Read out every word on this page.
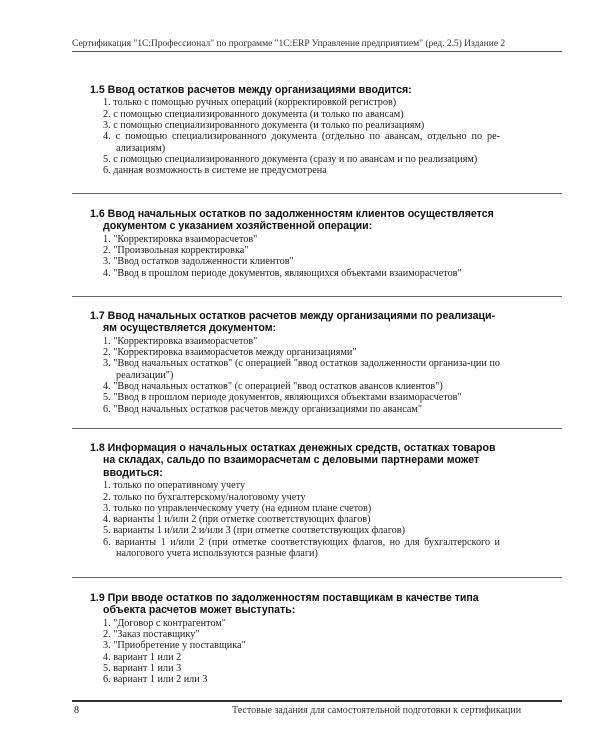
Сертификация "1С:Профессионал" по программе "1С:ERP Управление предприятием" (ред. 2.5) Издание 2

1.5 Ввод остатков расчетов между организациями вводится:

1. только с помощью ручных операций (корректировкой регистров)
2. с помощью специализированного документа (и только по авансам)
3. с помощью специализированного документа (и только по реализациям)
4. с помощью специализированного документа (отдельно по авансам, отдельно по ре-ализациям)
5. с помощью специализированного документа (сразу и по авансам и по реализациям)
6. данная возможность в системе не предусмотрена

1.6 Ввод начальных остатков по задолженностям клиентов осуществляется
документом с указанием хозяйственной операции:

1. "Корректировка взаиморасчетов"
2. "Произвольная корректировка"
3. "Ввод остатков задолженности клиентов"
4. "Ввод в прошлом периоде документов, являющихся объектами взаиморасчетов"

1.7 Ввод начальных остатков расчетов между организациями по реализаци-
ям осуществляется документом:

1. "Корректировка взаиморасчетов"
2. "Корректировка взаиморасчетов между организациями"
3. "Ввод начальных остатков" (с операцией "ввод остатков задолженности организа-ции по реализации")
4. "Ввод начальных остатков" (с операцией "ввод остатков авансов клиентов")
5. "Ввод в прошлом периоде документов, являющихся объектами взаиморасчетов"
6. "Ввод начальных остатков расчетов между организациями по авансам"

1.8 Информация о начальных остатках денежных средств, остатках товаров
на складах, сальдо по взаиморасчетам с деловыми партнерами может
вводиться:

1. только по оперативному учету
2. только по бухгалтерскому/налоговому учету
3. только по управленческому учету (на едином плане счетов)
4. варианты 1 и/или 2 (при отметке соответствующих флагов)
5. варианты 1 и/или 2 и/или 3 (при отметке соответствующих флагов)
6. варианты 1 и/или 2 (при отметке соответствующих флагов, но для бухгалтерского и налогового учета используются разные флаги)

1.9 При вводе остатков по задолженностям поставщикам в качестве типа
объекта расчетов может выступать:

1. "Договор с контрагентом"
2. "Заказ поставщику"
3. "Приобретение у поставщика"
4. вариант 1 или 2
5. вариант 1 или 3
6. вариант 1 или 2 или 3
8	Тестовые задания для самостоятельной подготовки к сертификации
